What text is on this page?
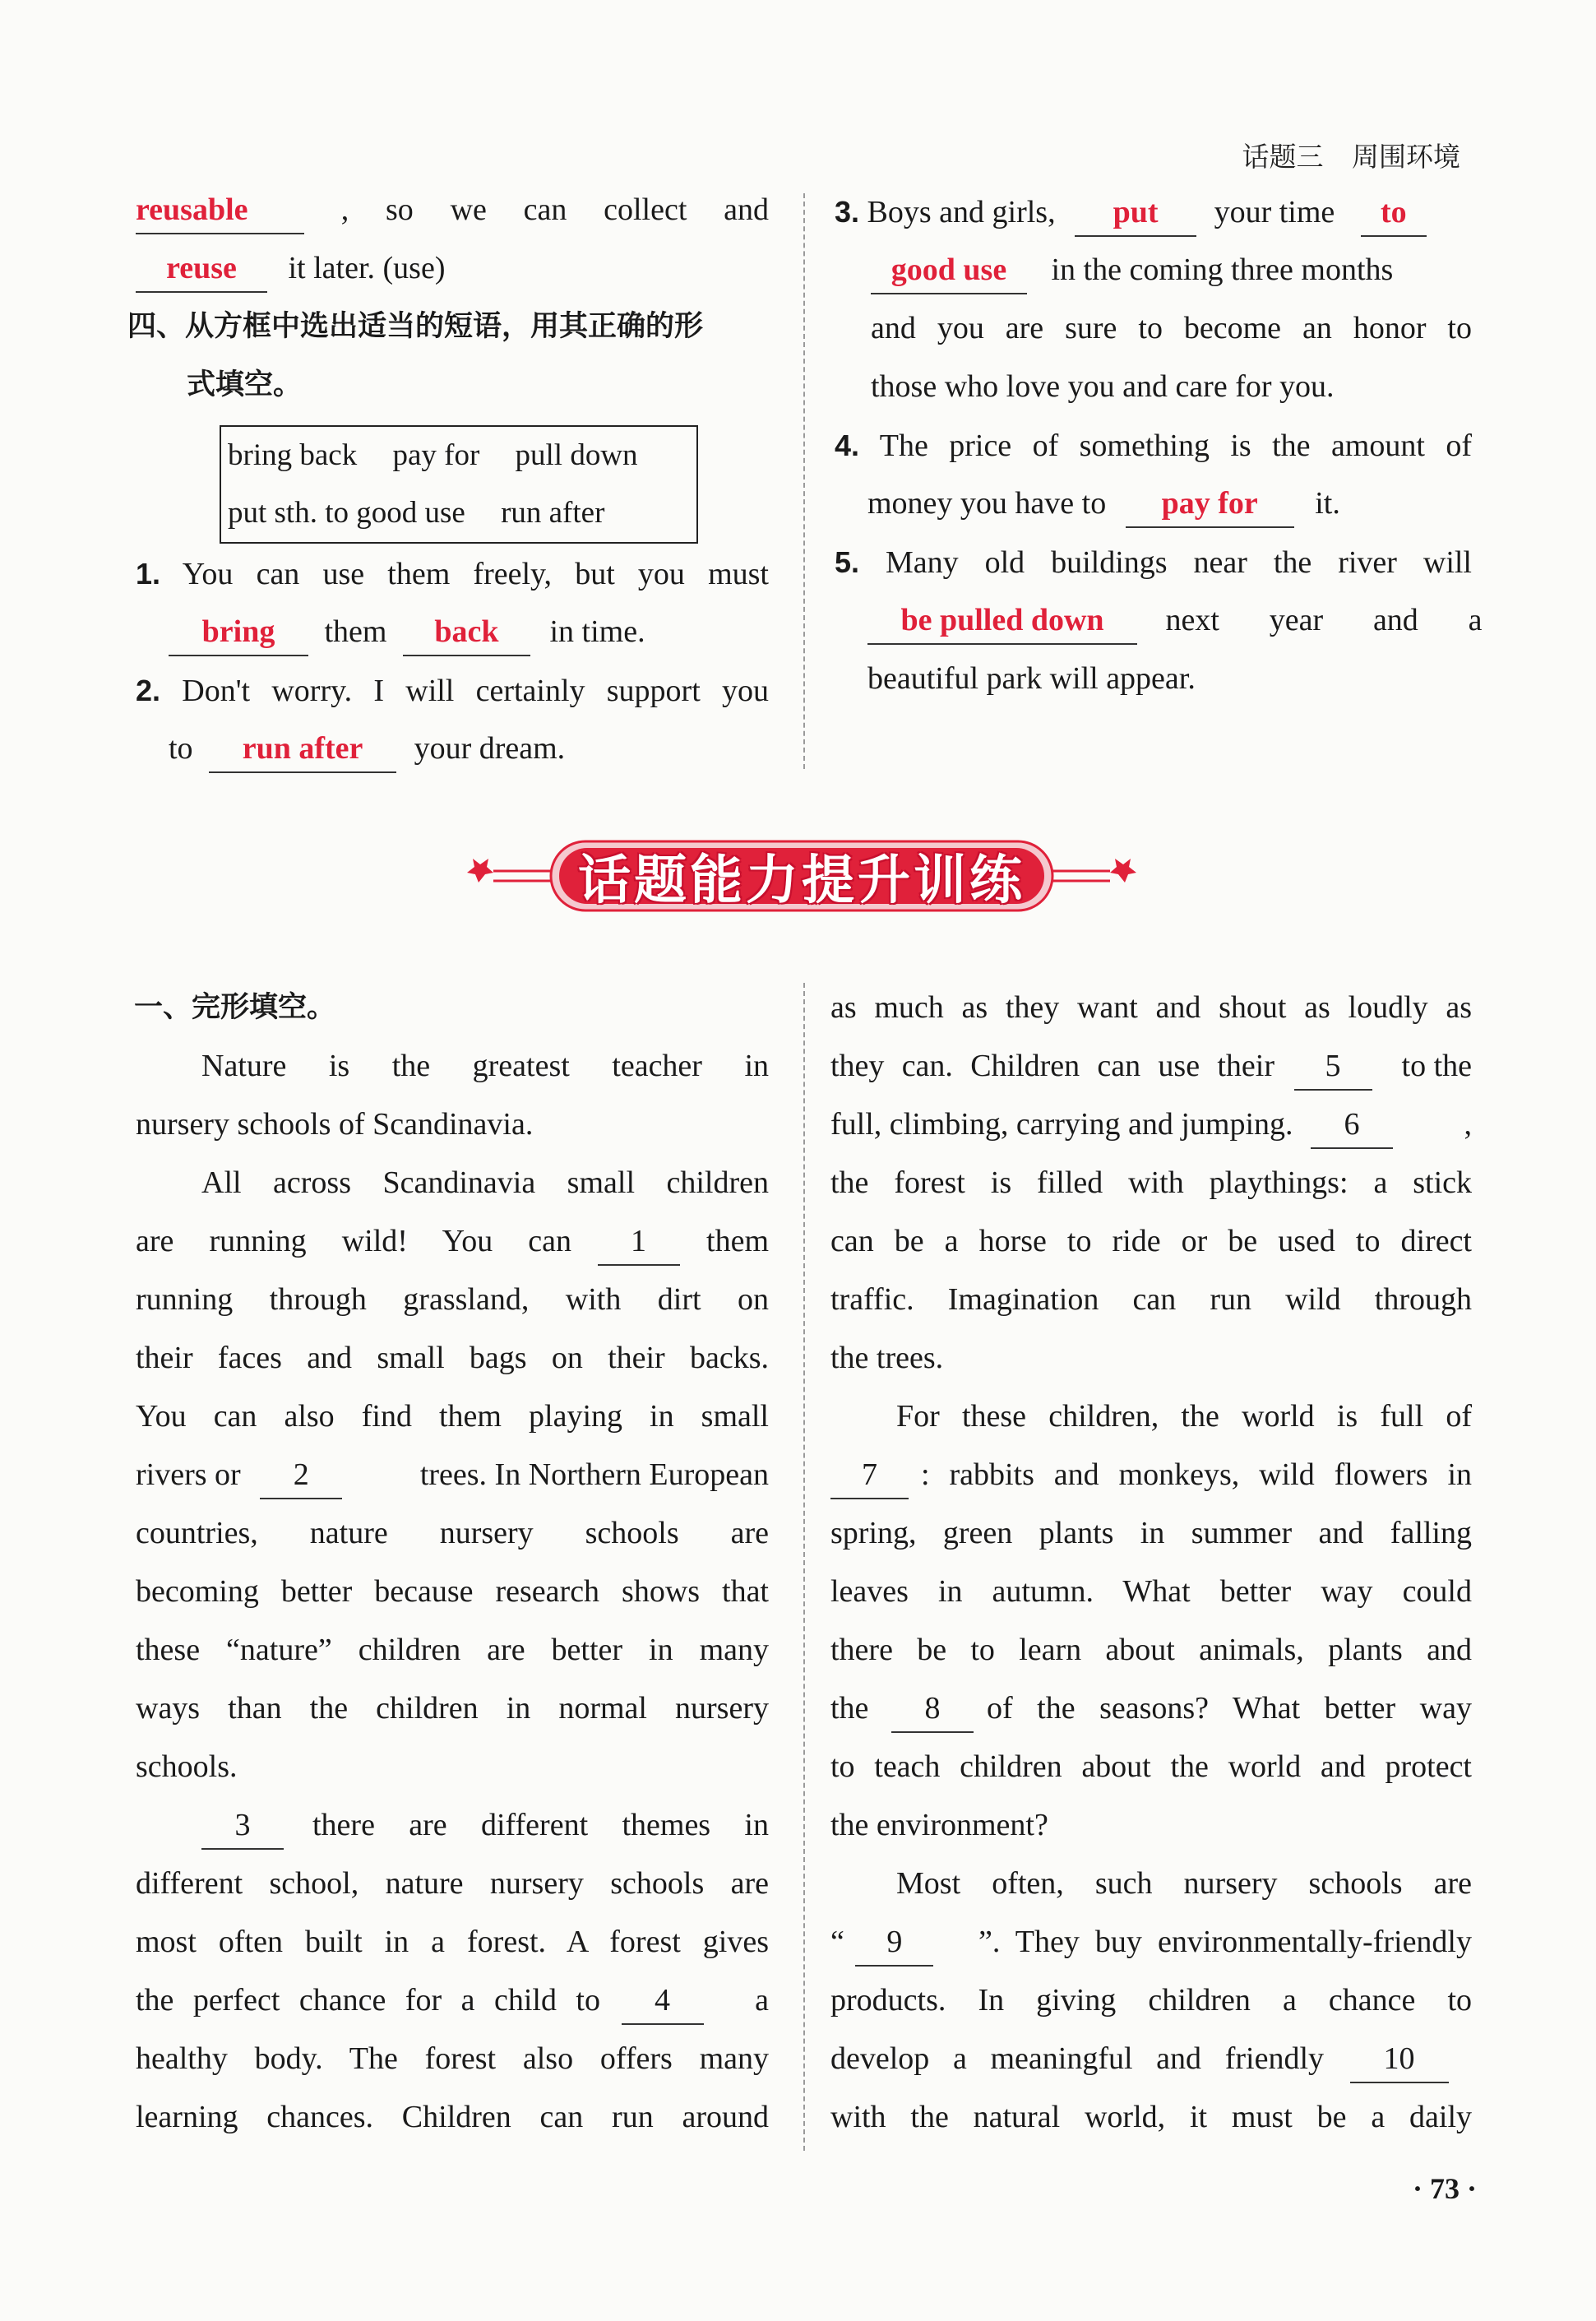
话题三 周围环境
reusable	, so we can collect and
reuse it later. (use)
四、从方框中选出适当的短语，用其正确的形
式填空。
bring back pay for pull down
put sth. to good use run after
1. You can use them freely, but you must
bring them back in time.
2. Don't worry. I will certainly support you
to run after your dream.
3. Boys and girls, put your time to
good use in the coming three months
and you are sure to become an honor to
those who love you and care for you.
4. The price of something is the amount of
money you have to pay for it.
5. Many old buildings near the river will
be pulled down next year and a
beautiful park will appear.
话题能力提升训练
一、完形填空。
Nature is the greatest teacher in
nursery schools of Scandinavia.
All across Scandinavia small children
are running wild! You can 1 them
running through grassland, with dirt on
their faces and small bags on their backs.
You can also find them playing in small
rivers or 2	trees. In Northern European
countries, nature nursery schools are
becoming better because research shows that
these “nature” children are better in many
ways than the children in normal nursery
schools.
3 there are different themes in
different school, nature nursery schools are
most often built in a forest. A forest gives
the perfect chance for a child to 4	a
healthy body. The forest also offers many
learning chances. Children can run around
as much as they want and shout as loudly as
they can. Children can use their 5 to the
full, climbing, carrying and jumping. 6	,
the forest is filled with playthings: a stick
can be a horse to ride or be used to direct
traffic. Imagination can run wild through
the trees.
For these children, the world is full of
7 : rabbits and monkeys, wild flowers in
spring, green plants in summer and falling
leaves in autumn. What better way could
there be to learn about animals, plants and
the 8 of the seasons? What better way
to teach children about the world and protect
the environment?
Most often, such nursery schools are
“ 9 ”. They buy environmentally-friendly
products. In giving children a chance to
develop a meaningful and friendly 10
with the natural world, it must be a daily
· 73 ·
